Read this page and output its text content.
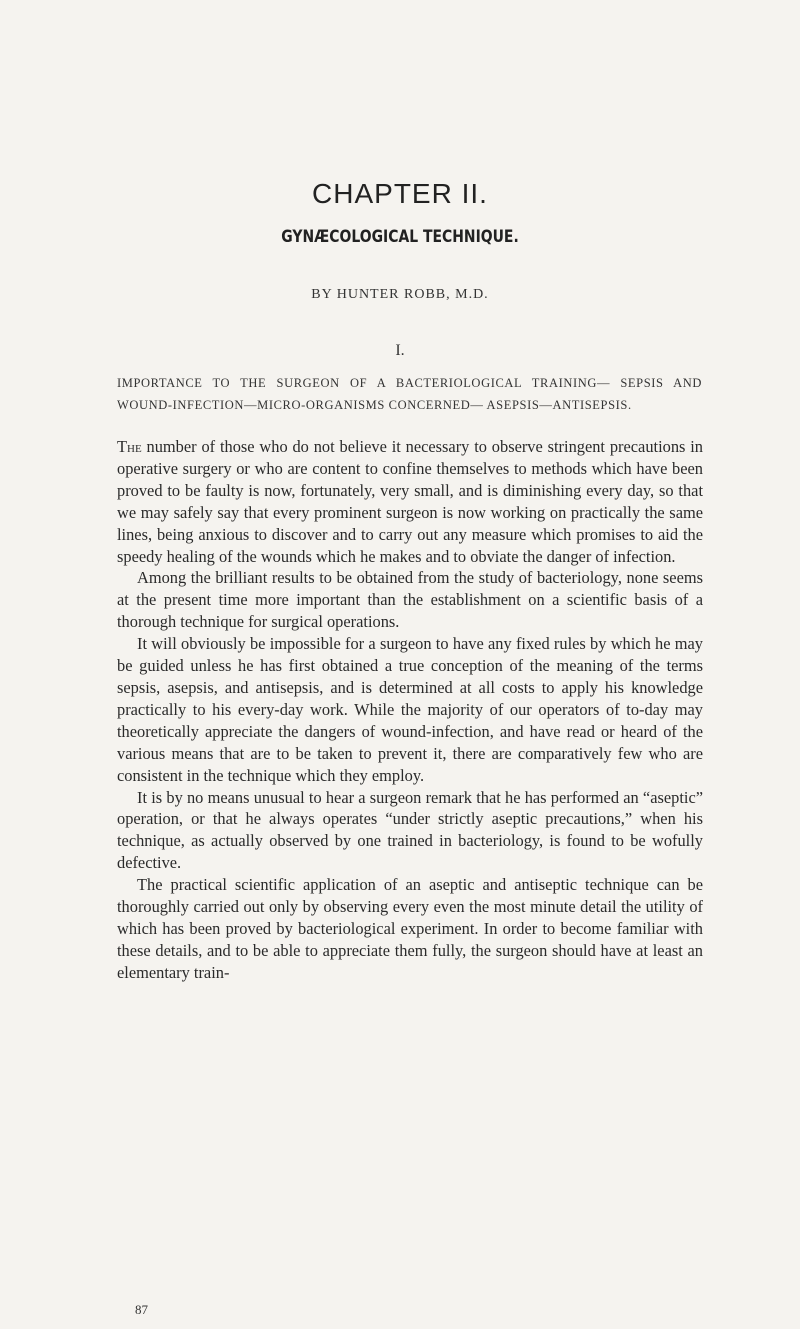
CHAPTER II.
GYNÆCOLOGICAL TECHNIQUE.
BY HUNTER ROBB, M.D.
I.
IMPORTANCE TO THE SURGEON OF A BACTERIOLOGICAL TRAINING— SEPSIS AND WOUND-INFECTION—MICRO-ORGANISMS CONCERNED— ASEPSIS—ANTISEPSIS.

The number of those who do not believe it necessary to observe stringent precautions in operative surgery or who are content to confine themselves to methods which have been proved to be faulty is now, fortunately, very small, and is diminishing every day, so that we may safely say that every prominent surgeon is now working on practically the same lines, being anxious to discover and to carry out any measure which promises to aid the speedy healing of the wounds which he makes and to obviate the danger of infection.

Among the brilliant results to be obtained from the study of bacteriology, none seems at the present time more important than the establishment on a scientific basis of a thorough technique for surgical operations.

It will obviously be impossible for a surgeon to have any fixed rules by which he may be guided unless he has first obtained a true conception of the meaning of the terms sepsis, asepsis, and antisepsis, and is determined at all costs to apply his knowledge practically to his every-day work. While the majority of our operators of to-day may theoretically appreciate the dangers of wound-infection, and have read or heard of the various means that are to be taken to prevent it, there are comparatively few who are consistent in the technique which they employ.

It is by no means unusual to hear a surgeon remark that he has performed an “aseptic” operation, or that he always operates “under strictly aseptic precautions,” when his technique, as actually observed by one trained in bacteriology, is found to be wofully defective.

The practical scientific application of an aseptic and antiseptic technique can be thoroughly carried out only by observing every even the most minute detail the utility of which has been proved by bacteriological experiment. In order to become familiar with these details, and to be able to appreciate them fully, the surgeon should have at least an elementary train-

87
